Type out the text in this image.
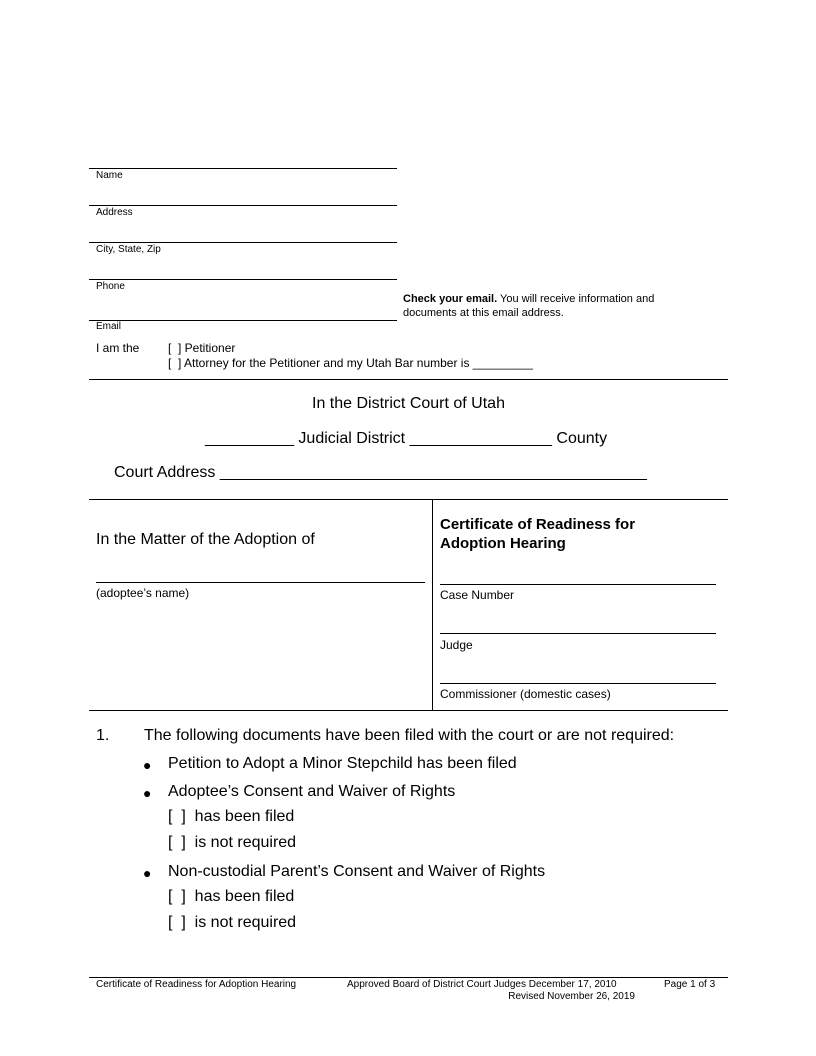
Name
Address
City, State, Zip
Phone
Check your email. You will receive information and
documents at this email address.
Email
I am the [  ] Petitioner
[  ] Attorney for the Petitioner and my Utah Bar number is _________
In the District Court of Utah
__________ Judicial District ________________ County
Court Address ________________________________________________
In the Matter of the Adoption of
(adoptee’s name)
Certificate of Readiness for
Adoption Hearing
Case Number
Judge
Commissioner (domestic cases)
1. The following documents have been filed with the court or are not required:
● Petition to Adopt a Minor Stepchild has been filed
● Adoptee’s Consent and Waiver of Rights
[  ]  has been filed
[  ]  is not required
● Non-custodial Parent’s Consent and Waiver of Rights
[  ]  has been filed
[  ]  is not required
Certificate of Readiness for Adoption Hearing	Approved Board of District Court Judges December 17, 2010
Revised November 26, 2019
Page 1 of 3
